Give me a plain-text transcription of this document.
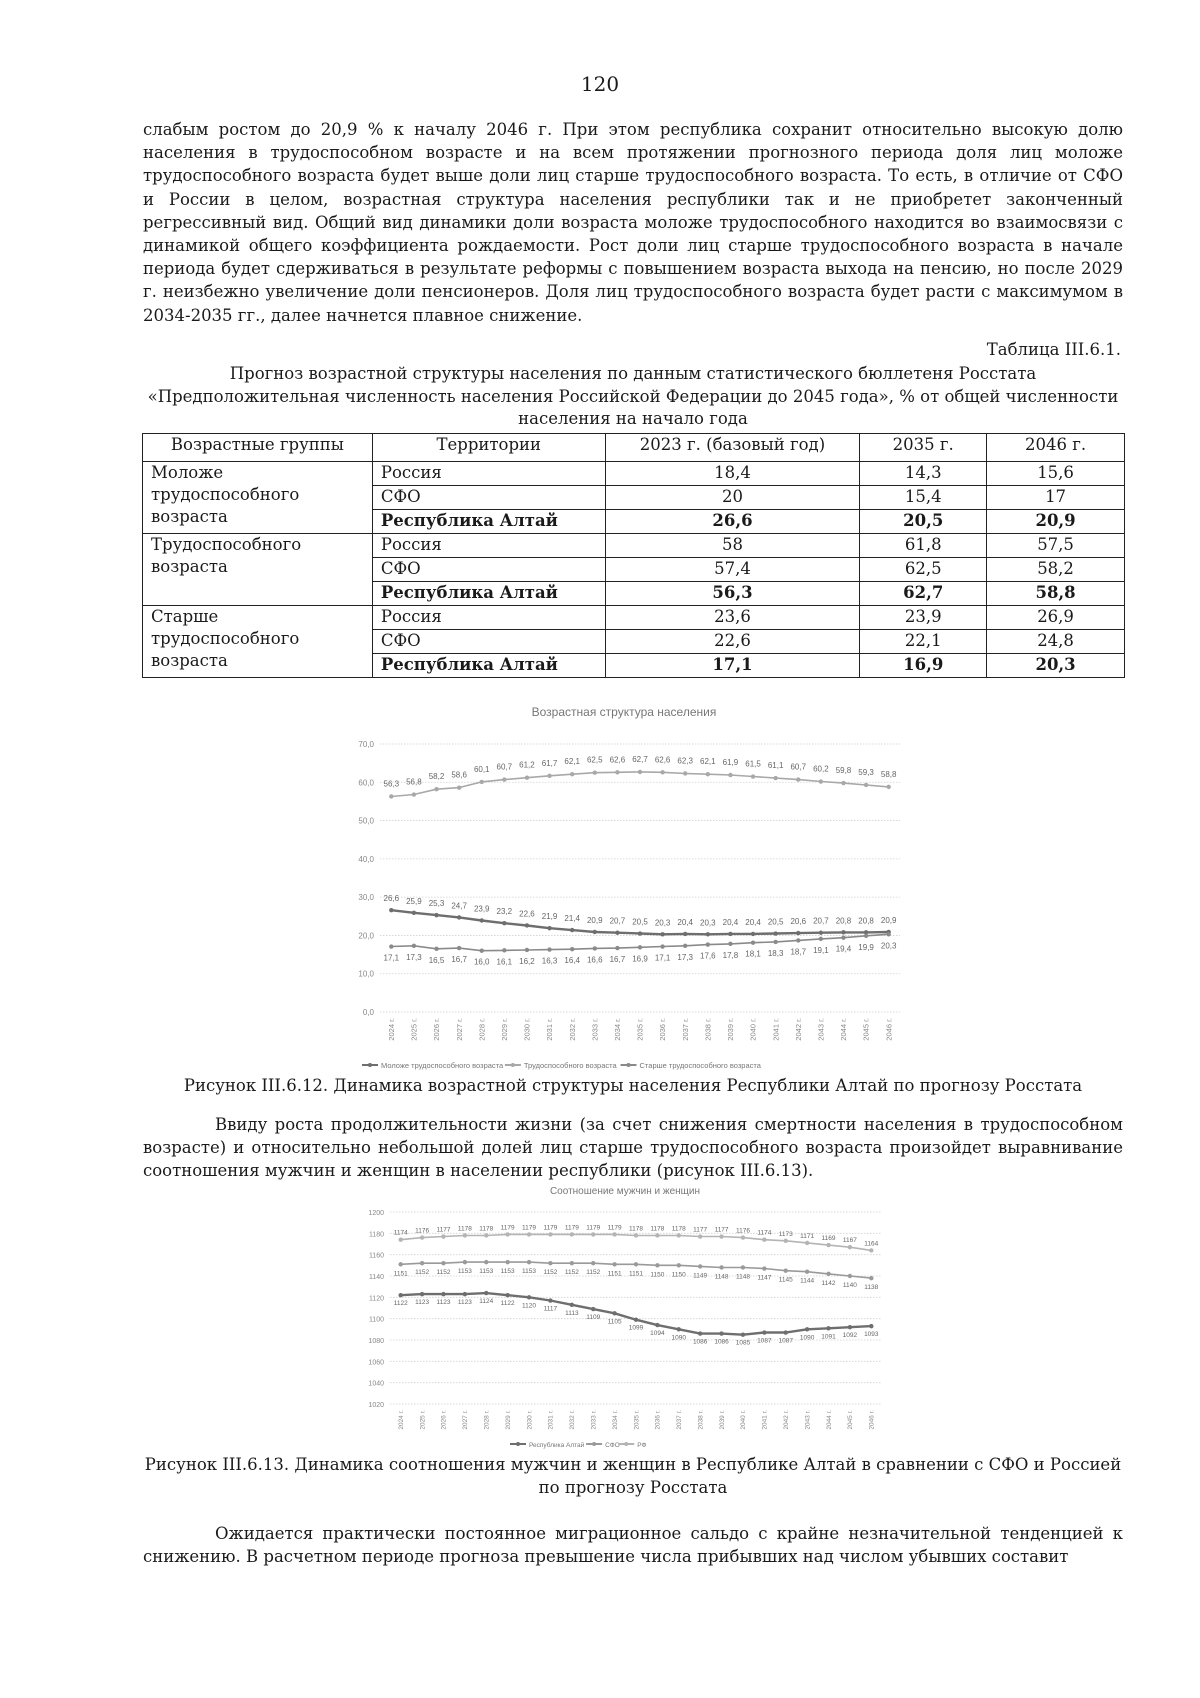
120

слабым ростом до 20,9 % к началу 2046 г. При этом республика сохранит относительно высокую долю населения в трудоспособном возрасте и на всем протяжении прогнозного периода доля лиц моложе трудоспособного возраста будет выше доли лиц старше трудоспособного возраста. То есть, в отличие от СФО и России в целом, возрастная структура населения республики так и не приобретет законченный регрессивный вид. Общий вид динамики доли возраста моложе трудоспособного находится во взаимосвязи с динамикой общего коэффициента рождаемости. Рост доли лиц старше трудоспособного возраста в начале периода будет сдерживаться в результате реформы с повышением возраста выхода на пенсию, но после 2029 г. неизбежно увеличение доли пенсионеров. Доля лиц трудоспособного возраста будет расти с максимумом в 2034-2035 гг., далее начнется плавное снижение.

Таблица III.6.1.

Прогноз возрастной структуры населения по данным статистического бюллетеня Росстата «Предположительная численность населения Российской Федерации до 2045 года», % от общей численности населения на начало года

Возрастные группы	Территории	2023 г. (базовый год)	2035 г.	2046 г.
Моложе трудоспособного возраста	Россия	18,4	14,3	15,6
	СФО	20	15,4	17
	Республика Алтай	26,6	20,5	20,9
Трудоспособного возраста	Россия	58	61,8	57,5
	СФО	57,4	62,5	58,2
	Республика Алтай	56,3	62,7	58,8
Старше трудоспособного возраста	Россия	23,6	23,9	26,9
	СФО	22,6	22,1	24,8
	Республика Алтай	17,1	16,9	20,3
Возрастная структура населения
0,0
10,0
20,0
30,0
40,0
50,0
60,0
70,0
2024 г. 2025 г. 2026 г. 2027 г. 2028 г. 2029 г. 2030 г. 2031 г. 2032 г. 2033 г. 2034 г. 2035 г. 2036 г. 2037 г. 2038 г. 2039 г. 2040 г. 2041 г. 2042 г. 2043 г. 2044 г. 2045 г. 2046 г.
26,6 25,9 25,3 24,7 23,9 23,2 22,6 21,9 21,4 20,9 20,7 20,5 20,3 20,4 20,3 20,4 20,4 20,5 20,6 20,7 20,8 20,8 20,9
56,3 56,8
58,2 58,6
60,1 60,7 61,2 61,7 62,1 62,5 62,6 62,7 62,6 62,3 62,1 61,9 61,5 61,1 60,7 60,2 59,8 59,3 58,8
17,1 17,3 16,5 16,7 16,0 16,1 16,2 16,3 16,4 16,6 16,7 16,9 17,1 17,3 17,6 17,8 18,1 18,3 18,7 19,1 19,4 19,9 20,3
Моложе трудоспособного возраста	Трудоспособного возраста	Старше трудоспособного возраста

Рисунок III.6.12. Динамика возрастной структуры населения Республики Алтай по прогнозу Росстата

Ввиду роста продолжительности жизни (за счет снижения смертности населения в трудоспособном возрасте) и относительно небольшой долей лиц старше трудоспособного возраста произойдет выравнивание соотношения мужчин и женщин в населении республики (рисунок III.6.13).

Соотношение мужчин и женщин
1020
1040
1060
1080
1100
1120
1140
1160
1180
1200
2024 г. 2025 г. 2026 г. 2027 г. 2028 г. 2029 г. 2030 г. 2031 г. 2032 г. 2033 г. 2034 г. 2035 г. 2036 г. 2037 г. 2038 г. 2039 г. 2040 г. 2041 г. 2042 г. 2043 г. 2044 г. 2045 г. 2046 г.
1122 1123 1123 1123 1124 1122 1120 1117
1113
1109
1105
1099
1094
1090
1086 1086 1085 1087 1087 1090 1091 1092 1093
1151 1152 1152 1153 1153 1153 1153 1152 1152 1152 1151 1151 1150 1150 1149 1148 1148 1147 1145 1144 1142 1140 1138
1174 1176 1177 1178 1178 1179 1179 1179 1179 1179 1179 1178 1178 1178 1177 1177 1176 1174 1173 1171 1169 1167 1164
Республика Алтай	СФО	РФ

Рисунок III.6.13. Динамика соотношения мужчин и женщин в Республике Алтай в сравнении с СФО и Россией по прогнозу Росстата

Ожидается практически постоянное миграционное сальдо с крайне незначительной тенденцией к снижению. В расчетном периоде прогноза превышение числа прибывших над числом убывших составит
